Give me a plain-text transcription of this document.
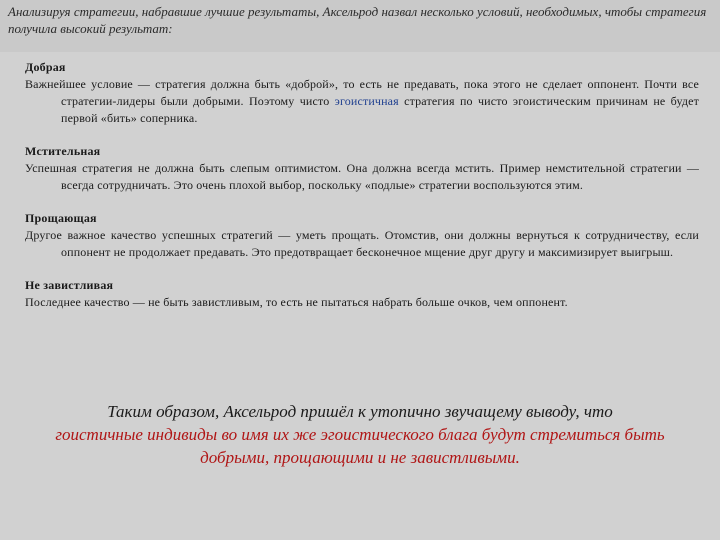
Анализируя стратегии, набравшие лучшие результаты, Аксельрод назвал несколько условий, необходимых, чтобы стратегия получила высокий результат:
Добрая
Важнейшее условие — стратегия должна быть «доброй», то есть не предавать, пока этого не сделает оппонент. Почти все стратегии-лидеры были добрыми. Поэтому чисто эгоистичная стратегия по чисто эгоистическим причинам не будет первой «бить» соперника.
Мстительная
Успешная стратегия не должна быть слепым оптимистом. Она должна всегда мстить. Пример немстительной стратегии — всегда сотрудничать. Это очень плохой выбор, поскольку «подлые» стратегии воспользуются этим.
Прощающая
Другое важное качество успешных стратегий — уметь прощать. Отомстив, они должны вернуться к сотрудничеству, если оппонент не продолжает предавать. Это предотвращает бесконечное мщение друг другу и максимизирует выигрыш.
Не завистливая
Последнее качество — не быть завистливым, то есть не пытаться набрать больше очков, чем оппонент.
Таким образом, Аксельрод пришёл к утопично звучащему выводу, что
гоистичные индивиды во имя их же эгоистического блага будут стремиться быть добрыми, прощающими и не завистливыми.
